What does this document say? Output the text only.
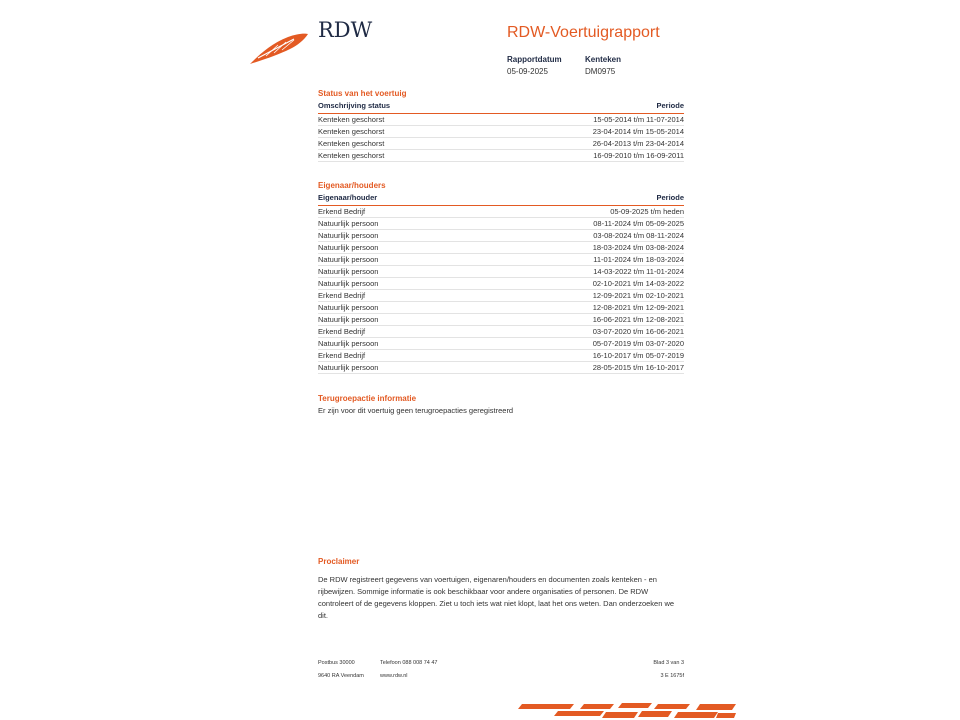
RDW	RDW-Voertuigrapport
Rapportdatum
05-09-2025
Kenteken
DM0975
Status van het voertuig
Omschrijving status	Periode
Kenteken geschorst	15-05-2014 t/m 11-07-2014
Kenteken geschorst	23-04-2014 t/m 15-05-2014
Kenteken geschorst	26-04-2013 t/m 23-04-2014
Kenteken geschorst	16-09-2010 t/m 16-09-2011
Eigenaar/houders
Eigenaar/houder	Periode
Erkend Bedrijf	05-09-2025 t/m heden
Natuurlijk persoon	08-11-2024 t/m 05-09-2025
Natuurlijk persoon	03-08-2024 t/m 08-11-2024
Natuurlijk persoon	18-03-2024 t/m 03-08-2024
Natuurlijk persoon	11-01-2024 t/m 18-03-2024
Natuurlijk persoon	14-03-2022 t/m 11-01-2024
Natuurlijk persoon	02-10-2021 t/m 14-03-2022
Erkend Bedrijf	12-09-2021 t/m 02-10-2021
Natuurlijk persoon	12-08-2021 t/m 12-09-2021
Natuurlijk persoon	16-06-2021 t/m 12-08-2021
Erkend Bedrijf	03-07-2020 t/m 16-06-2021
Natuurlijk persoon	05-07-2019 t/m 03-07-2020
Erkend Bedrijf	16-10-2017 t/m 05-07-2019
Natuurlijk persoon	28-05-2015 t/m 16-10-2017
Terugroepactie informatie
Er zijn voor dit voertuig geen terugroepacties geregistreerd
Proclaimer
De RDW registreert gegevens van voertuigen, eigenaren/houders en documenten zoals kenteken - en rijbewijzen. Sommige informatie is ook beschikbaar voor andere organisaties of personen. De RDW controleert of de gegevens kloppen. Ziet u toch iets wat niet klopt, laat het ons weten. Dan onderzoeken we dit.
Postbus 30000
9640 RA Veendam
Telefoon 088 008 74 47
www.rdw.nl
Blad 3 van 3
3 E 1675f
